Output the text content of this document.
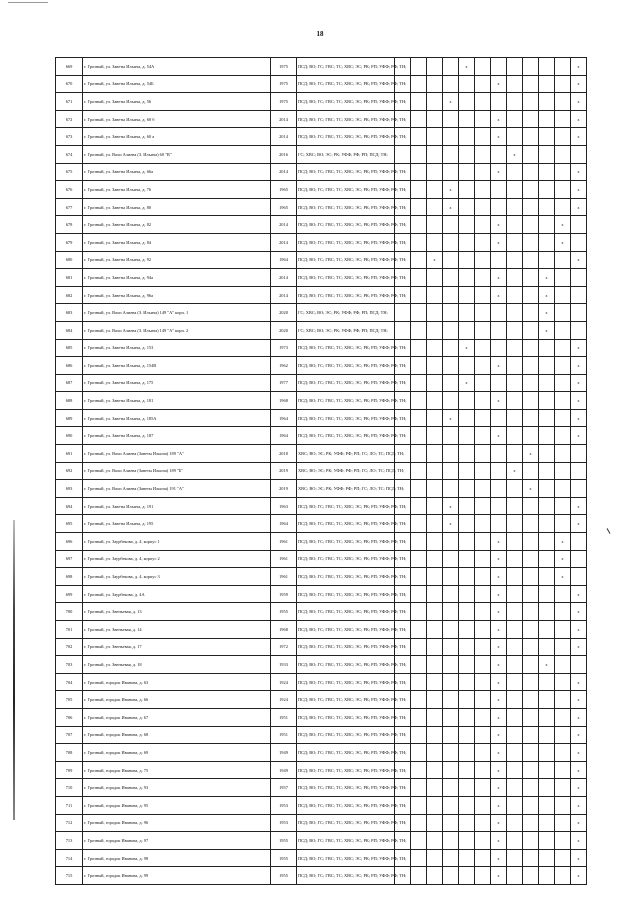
18
669	г. Грозный, ул. Заветы Ильича, д. 54А	1975	ПСД; ВО; ГС; ГВС; ТС; ХВС; ЭС; РК; РП; УФФ; РФ; ТН;					x							x
670	г. Грозный, ул. Заветы Ильича, д. 54Б	1975	ПСД; ВО; ГС; ГВС; ТС; ХВС; ЭС; РК; РП; УФФ; РФ; ТН;							x					x
671	г. Грозный, ул. Заветы Ильича, д. 56	1975	ПСД; ВО; ГС; ГВС; ТС; ХВС; ЭС; РК; РП; УФФ; РФ; ТН;				x								x
672	г. Грозный, ул. Заветы Ильича, д. 60 б	2014	ПСД; ВО; ГС; ГВС; ТС; ХВС; ЭС; РК; РП; УФФ; РФ; ТН;							x					x
673	г. Грозный, ул. Заветы Ильича, д. 60 а	2014	ПСД; ВО; ГС; ГВС; ТС; ХВС; ЭС; РК; РП; УФФ; РФ; ТН;							x					x
674	г. Грозный, ул. Вахи Алиева (З. Ильича) 60 "В"	2016	ГС; ХВС; ВО; ЭС; РК; УФФ; РФ; РП; ПСД; ТН;								x				
675	г. Грозный, ул. Заветы Ильича, д. 66а	2014	ПСД; ВО; ГС; ГВС; ТС; ХВС; ЭС; РК; РП; УФФ; РФ; ТН;							x					x
676	г. Грозный, ул. Заветы Ильича, д. 76	1965	ПСД; ВО; ГС; ГВС; ТС; ХВС; ЭС; РК; РП; УФФ; РФ; ТН;				x								x
677	г. Грозный, ул. Заветы Ильича, д. 80	1965	ПСД; ВО; ГС; ГВС; ТС; ХВС; ЭС; РК; РП; УФФ; РФ; ТН;				x								x
678	г. Грозный, ул. Заветы Ильича, д. 82	2014	ПСД; ВО; ГС; ГВС; ТС; ХВС; ЭС; РК; РП; УФФ; РФ; ТН;							x				x	
679	г. Грозный, ул. Заветы Ильича, д. 84	2014	ПСД; ВО; ГС; ГВС; ТС; ХВС; ЭС; РК; РП; УФФ; РФ; ТН;							x				x	
680	г. Грозный, ул. Заветы Ильича, д. 92	1964	ПСД; ВО; ГС; ГВС; ТС; ХВС; ЭС; РК; РП; УФФ; РФ; ТН;			x									x
681	г. Грозный, ул. Заветы Ильича, д. 94а	2014	ПСД; ВО; ГС; ГВС; ТС; ХВС; ЭС; РК; РП; УФФ; РФ; ТН;							x			x		
682	г. Грозный, ул. Заветы Ильича, д. 96а	2014	ПСД; ВО; ГС; ГВС; ТС; ХВС; ЭС; РК; РП; УФФ; РФ; ТН;							x			x		
683	г. Грозный, ул. Вахи Алиева (З. Ильича) 149 "А" корп. 1	2020	ГС; ХВС; ВО; ЭС; РК; УФФ; РФ; РП; ПСД; ТН;										x		
684	г. Грозный, ул. Вахи Алиева (З. Ильича) 149 "А" корп. 2	2020	ГС; ХВС; ВО; ЭС; РК; УФФ; РФ; РП; ПСД; ТН;										x		
685	г. Грозный, ул. Заветы Ильича, д. 153	1973	ПСД; ВО; ГС; ГВС; ТС; ХВС; ЭС; РК; РП; УФФ; РФ; ТН;					x							x
686	г. Грозный, ул. Заветы Ильича, д. 154В	1962	ПСД; ВО; ГС; ГВС; ТС; ХВС; ЭС; РК; РП; УФФ; РФ; ТН;							x					x
687	г. Грозный, ул. Заветы Ильича, д. 175	1977	ПСД; ВО; ГС; ГВС; ТС; ХВС; ЭС; РК; РП; УФФ; РФ; ТН;					x							x
688	г. Грозный, ул. Заветы Ильича, д. 181	1968	ПСД; ВО; ГС; ГВС; ТС; ХВС; ЭС; РК; РП; УФФ; РФ; ТН;							x					x
689	г. Грозный, ул. Заветы Ильича, д. 185А	1964	ПСД; ВО; ГС; ГВС; ТС; ХВС; ЭС; РК; РП; УФФ; РФ; ТН;				x								x
690	г. Грозный, ул. Заветы Ильича, д. 187	1964	ПСД; ВО; ГС; ГВС; ТС; ХВС; ЭС; РК; РП; УФФ; РФ; ТН;							x					x
691	г. Грозный, ул. Вахи Алиева (Заветы Ильича) 189 "А"	2018	ХВС; ВО; ЭС; РК; УФФ; РФ; РП; ГС; ЛО; ТС; ПСД; ТН;									x			
692	г. Грозный, ул. Вахи Алиева (Заветы Ильича) 189 "Б"	2019	ХВС; ВО; ЭС; РК; УФФ; РФ; РП; ГС; ЛО; ТС; ПСД; ТН;								x				
693	г. Грозный, ул. Вахи Алиева (Заветы Ильича) 191 "А"	2019	ХВС; ВО; ЭС; РК; УФФ; РФ; РП; ГС; ЛО; ТС; ПСД; ТН;									x			
694	г. Грозный, ул. Заветы Ильича, д. 191	1963	ПСД; ВО; ГС; ГВС; ТС; ХВС; ЭС; РК; РП; УФФ; РФ; ТН;				x								x
695	г. Грозный, ул. Заветы Ильича, д. 195	1964	ПСД; ВО; ГС; ГВС; ТС; ХВС; ЭС; РК; РП; УФФ; РФ; ТН;				x								x
696	г. Грозный, ул. Заурбекова, д. 4, корпус 1	1961	ПСД; ВО; ГС; ГВС; ТС; ХВС; ЭС; РК; РП; УФФ; РФ; ТН;							x				x	
697	г. Грозный, ул. Заурбекова, д. 4, корпус 2	1961	ПСД; ВО; ГС; ГВС; ТС; ХВС; ЭС; РК; РП; УФФ; РФ; ТН;							x				x	
698	г. Грозный, ул. Заурбекова, д. 4, корпус 3	1961	ПСД; ВО; ГС; ГВС; ТС; ХВС; ЭС; РК; РП; УФФ; РФ; ТН;							x				x	
699	г. Грозный, ул. Заурбекова, д. 4А	1959	ПСД; ВО; ГС; ГВС; ТС; ХВС; ЭС; РК; РП; УФФ; РФ; ТН;							x					x
700	г. Грозный, ул. Звеньевая, д. 13	1955	ПСД; ВО; ГС; ГВС; ТС; ХВС; ЭС; РК; РП; УФФ; РФ; ТН;							x					x
701	г. Грозный, ул. Звеньевая, д. 14	1968	ПСД; ВО; ГС; ГВС; ТС; ХВС; ЭС; РК; РП; УФФ; РФ; ТН;							x					x
702	г. Грозный, ул. Звеньевая, д. 17	1972	ПСД; ВО; ГС; ГВС; ТС; ХВС; ЭС; РК; РП; УФФ; РФ; ТН;							x					x
703	г. Грозный, ул. Звеньевая, д. 18	1933	ПСД; ВО; ГС; ГВС; ТС; ХВС; ЭС; РК; РП; УФФ; РФ; ТН;							x			x		
704	г. Грозный, городок Иванова, д. 63	1924	ПСД; ВО; ГС; ГВС; ТС; ХВС; ЭС; РК; РП; УФФ; РФ; ТН;							x					x
705	г. Грозный, городок Иванова, д. 66	1924	ПСД; ВО; ГС; ГВС; ТС; ХВС; ЭС; РК; РП; УФФ; РФ; ТН;							x					x
706	г. Грозный, городок Иванова, д. 67	1951	ПСД; ВО; ГС; ГВС; ТС; ХВС; ЭС; РК; РП; УФФ; РФ; ТН;							x					x
707	г. Грозный, городок Иванова, д. 68	1951	ПСД; ВО; ГС; ГВС; ТС; ХВС; ЭС; РК; РП; УФФ; РФ; ТН;							x					x
708	г. Грозный, городок Иванова, д. 69	1949	ПСД; ВО; ГС; ГВС; ТС; ХВС; ЭС; РК; РП; УФФ; РФ; ТН;							x					x
709	г. Грозный, городок Иванова, д. 75	1949	ПСД; ВО; ГС; ГВС; ТС; ХВС; ЭС; РК; РП; УФФ; РФ; ТН;							x					x
710	г. Грозный, городок Иванова, д. 93	1957	ПСД; ВО; ГС; ГВС; ТС; ХВС; ЭС; РК; РП; УФФ; РФ; ТН;							x					x
711	г. Грозный, городок Иванова, д. 95	1953	ПСД; ВО; ГС; ГВС; ТС; ХВС; ЭС; РК; РП; УФФ; РФ; ТН;							x					x
712	г. Грозный, городок Иванова, д. 96	1953	ПСД; ВО; ГС; ГВС; ТС; ХВС; ЭС; РК; РП; УФФ; РФ; ТН;							x					x
713	г. Грозный, городок Иванова, д. 97	1955	ПСД; ВО; ГС; ГВС; ТС; ХВС; ЭС; РК; РП; УФФ; РФ; ТН;							x					x
714	г. Грозный, городок Иванова, д. 98	1955	ПСД; ВО; ГС; ГВС; ТС; ХВС; ЭС; РК; РП; УФФ; РФ; ТН;							x					x
715	г. Грозный, городок Иванова, д. 99	1955	ПСД; ВО; ГС; ГВС; ТС; ХВС; ЭС; РК; РП; УФФ; РФ; ТН;							x					x
